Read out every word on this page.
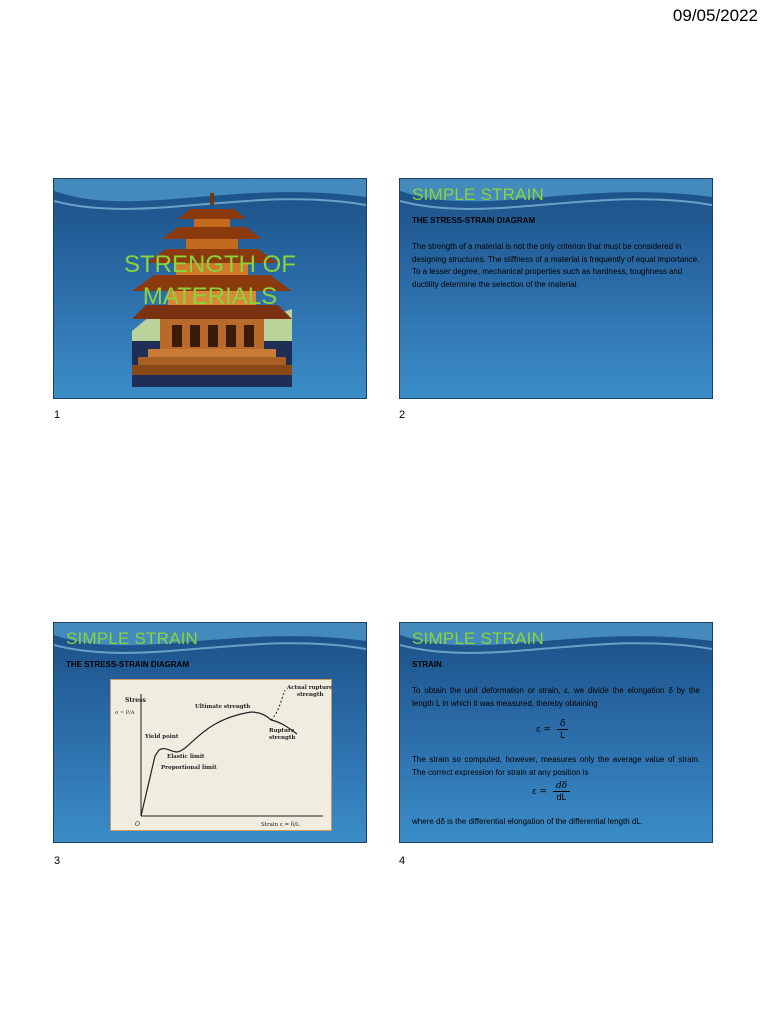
09/05/2022
STRENGTH OF
MATERIALS
1
SIMPLE STRAIN
THE STRESS-STRAIN DIAGRAM
The strength of a material is not the only criterion that must be considered in designing structures. The stiffness of a material is frequently of equal importance. To a lesser degree, mechanical properties such as hardness, toughness and ductility determine the selection of the material.
2
SIMPLE STRAIN
THE STRESS-STRAIN DIAGRAM
Stress
σ = P/A
Actual rupture
strength
Ultimate strength
Yield point
Rupture
strength
Elastic limit
Proportional limit
O	Strain ε = δ/L
3
SIMPLE STRAIN
STRAIN
To obtain the unit deformation or strain, ε, we divide the elongation δ by the length L in which it was measured, thereby obtaining
$\varepsilon = \frac{\delta}{L}$
The strain so computed, however, measures only the average value of strain. The correct expression for strain at any position is
$\varepsilon = \frac{d\delta}{dL}$
where dδ is the differential elongation of the differential length dL.
4
